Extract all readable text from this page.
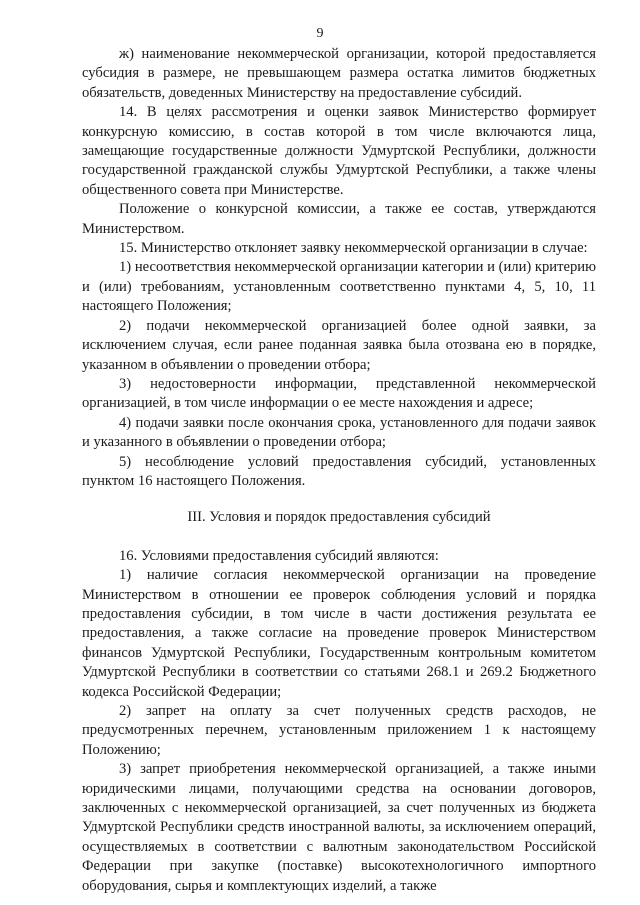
9

ж) наименование некоммерческой организации, которой предоставляется субсидия в размере, не превышающем размера остатка лимитов бюджетных обязательств, доведенных Министерству на предоставление субсидий.

14. В целях рассмотрения и оценки заявок Министерство формирует конкурсную комиссию, в состав которой в том числе включаются лица, замещающие государственные должности Удмуртской Республики, должности государственной гражданской службы Удмуртской Республики, а также члены общественного совета при Министерстве.

Положение о конкурсной комиссии, а также ее состав, утверждаются Министерством.

15. Министерство отклоняет заявку некоммерческой организации в случае:

1) несоответствия некоммерческой организации категории и (или) критерию и (или) требованиям, установленным соответственно пунктами 4, 5, 10, 11 настоящего Положения;

2) подачи некоммерческой организацией более одной заявки, за исключением случая, если ранее поданная заявка была отозвана ею в порядке, указанном в объявлении о проведении отбора;

3) недостоверности информации, представленной некоммерческой организацией, в том числе информации о ее месте нахождения и адресе;

4) подачи заявки после окончания срока, установленного для подачи заявок и указанного в объявлении о проведении отбора;

5) несоблюдение условий предоставления субсидий, установленных пунктом 16 настоящего Положения.

III. Условия и порядок предоставления субсидий

16. Условиями предоставления субсидий являются:

1) наличие согласия некоммерческой организации на проведение Министерством в отношении ее проверок соблюдения условий и порядка предоставления субсидии, в том числе в части достижения результата ее предоставления, а также согласие на проведение проверок Министерством финансов Удмуртской Республики, Государственным контрольным комитетом Удмуртской Республики в соответствии со статьями 268.1 и 269.2 Бюджетного кодекса Российской Федерации;

2) запрет на оплату за счет полученных средств расходов, не предусмотренных перечнем, установленным приложением 1 к настоящему Положению;

3) запрет приобретения некоммерческой организацией, а также иными юридическими лицами, получающими средства на основании договоров, заключенных с некоммерческой организацией, за счет полученных из бюджета Удмуртской Республики средств иностранной валюты, за исключением операций, осуществляемых в соответствии с валютным законодательством Российской Федерации при закупке (поставке) высокотехнологичного импортного оборудования, сырья и комплектующих изделий, а также
